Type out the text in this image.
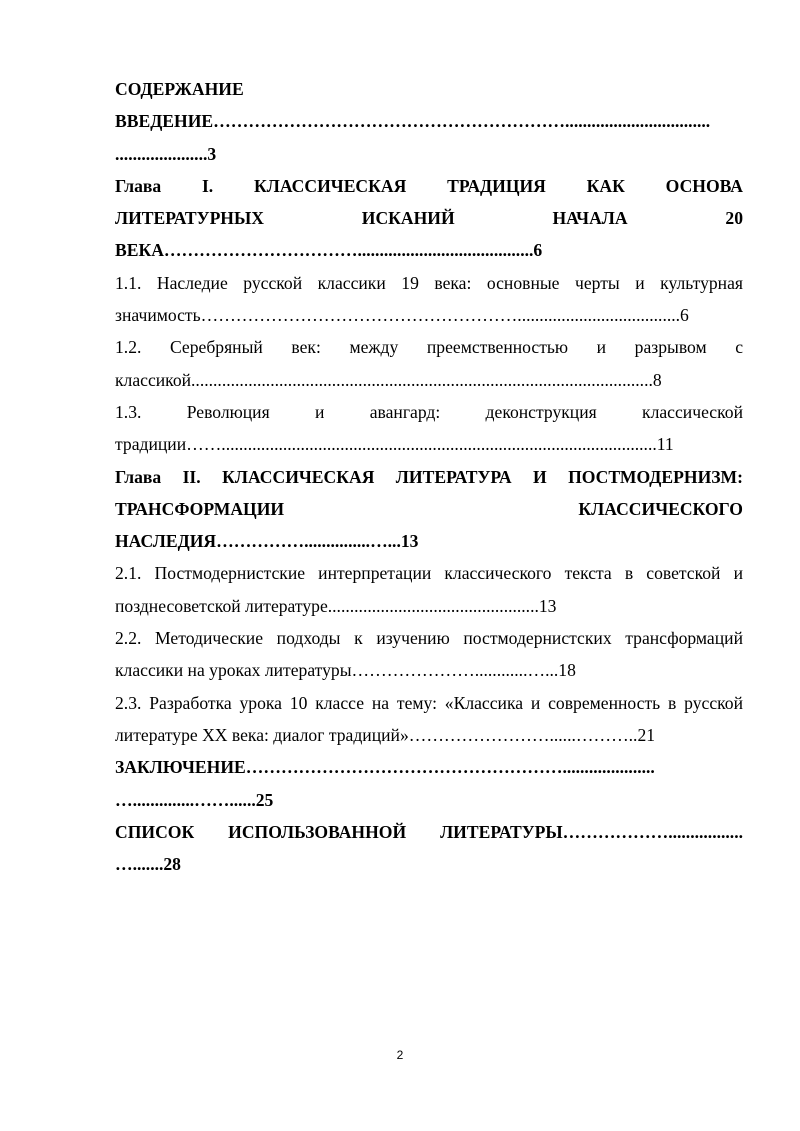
СОДЕРЖАНИЕ
ВВЕДЕНИЕ…………………………………………………….................................
.....................3
Глава I. КЛАССИЧЕСКАЯ ТРАДИЦИЯ КАК ОСНОВА
ЛИТЕРАТУРНЫХ ИСКАНИЙ НАЧАЛА 20
ВЕКА……………………………........................................6
1.1. Наследие русской классики 19 века: основные черты и культурная
значимость……………………………………………….....................................6
1.2. Серебряный век: между преемственностью и разрывом с
классикой.........................................................................................................8
1.3. Революция и авангард: деконструкция классической
традиции……...................................................................................................11
Глава II. КЛАССИЧЕСКАЯ ЛИТЕРАТУРА И ПОСТМОДЕРНИЗМ:
ТРАНСФОРМАЦИИ КЛАССИЧЕСКОГО
НАСЛЕДИЯ……………...............…...13
2.1. Постмодернистские интерпретации классического текста в советской и
позднесоветской литературе................................................13
2.2. Методические подходы к изучению постмодернистских трансформаций
классики на уроках литературы…………………............…...18
2.3. Разработка урока 10 классе на тему: «Классика и современность в русской
литературе XX века: диалог традиций»……………………......………..21
ЗАКЛЮЧЕНИЕ……………………………………………….....................
…..............……......25
СПИСОК ИСПОЛЬЗОВАННОЙ ЛИТЕРАТУРЫ……………….................
….......28
2
